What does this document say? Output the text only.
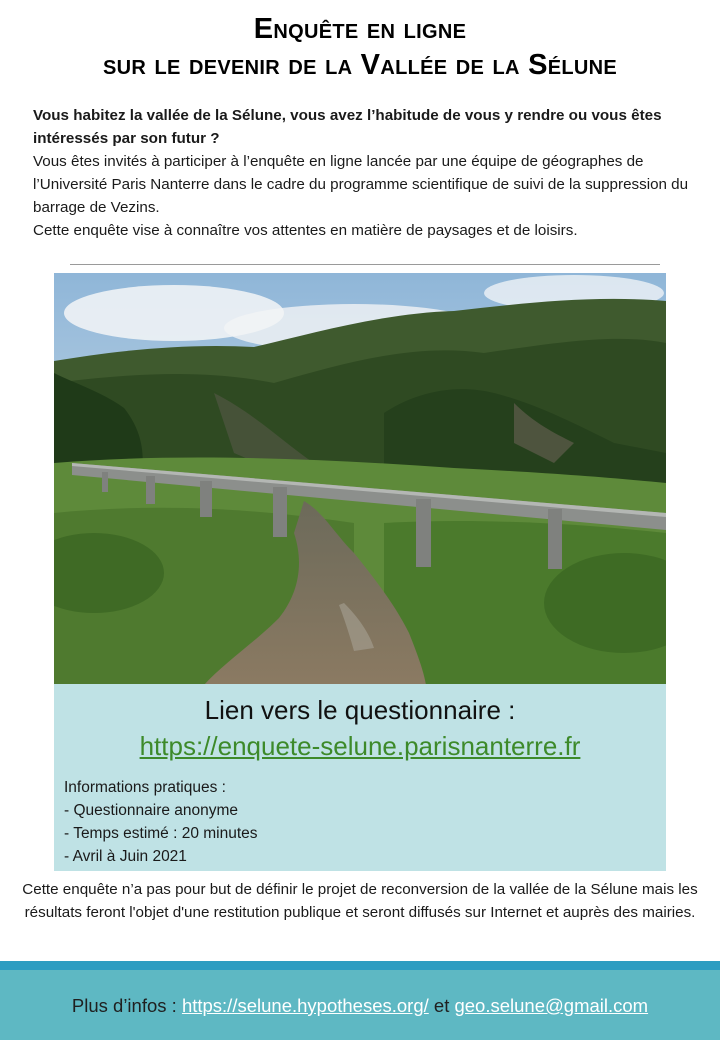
Enquête en ligne
sur le devenir de la Vallée de la Sélune

Vous habitez la vallée de la Sélune, vous avez l’habitude de vous y rendre ou vous êtes intéressés par son futur ?

Vous êtes invités à participer à l’enquête en ligne lancée par une équipe de géographes de l’Université Paris Nanterre dans le cadre du programme scientifique de suivi de la suppression du barrage de Vezins.

Cette enquête vise à connaître vos attentes en matière de paysages et de loisirs.

Lien vers le questionnaire :
https://enquete-selune.parisnanterre.fr
Informations pratiques :
- Questionnaire anonyme
- Temps estimé : 20 minutes
- Avril à Juin 2021
Cette enquête n’a pas pour but de définir le projet de reconversion de la vallée de la Sélune mais les résultats feront l'objet d'une restitution publique et seront diffusés sur Internet et auprès des mairies.
Plus d’infos : https://selune.hypotheses.org/ et geo.selune@gmail.com
